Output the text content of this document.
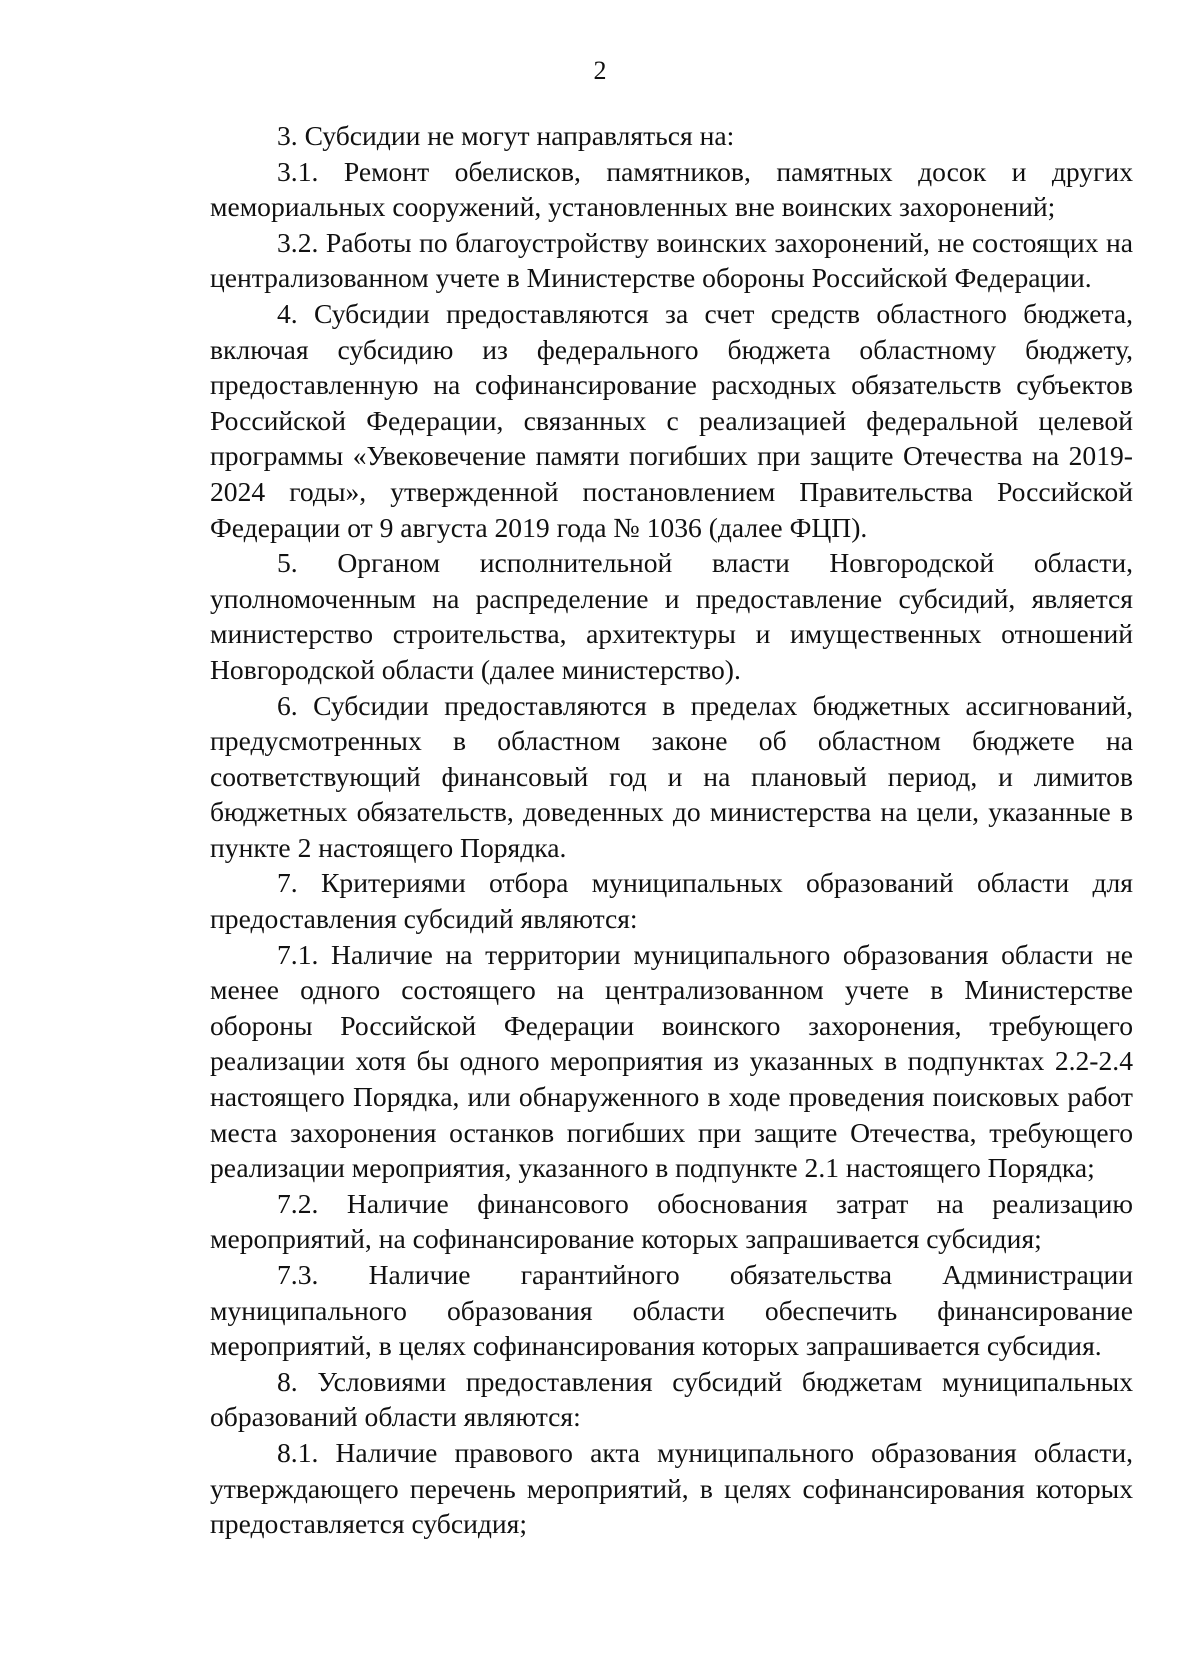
2

3. Субсидии не могут направляться на:

3.1. Ремонт обелисков, памятников, памятных досок и других мемориальных сооружений, установленных вне воинских захоронений;

3.2. Работы по благоустройству воинских захоронений, не состоящих на централизованном учете в Министерстве обороны Российской Федерации.

4. Субсидии предоставляются за счет средств областного бюджета, включая субсидию из федерального бюджета областному бюджету, предоставленную на софинансирование расходных обязательств субъектов Российской Федерации, связанных с реализацией федеральной целевой программы «Увековечение памяти погибших при защите Отечества на 2019-2024 годы», утвержденной постановлением Правительства Российской Федерации от 9 августа 2019 года № 1036 (далее ФЦП).

5. Органом исполнительной власти Новгородской области, уполномоченным на распределение и предоставление субсидий, является министерство строительства, архитектуры и имущественных отношений Новгородской области (далее министерство).

6. Субсидии предоставляются в пределах бюджетных ассигнований, предусмотренных в областном законе об областном бюджете на соответствующий финансовый год и на плановый период, и лимитов бюджетных обязательств, доведенных до министерства на цели, указанные в пункте 2 настоящего Порядка.

7. Критериями отбора муниципальных образований области для предоставления субсидий являются:

7.1. Наличие на территории муниципального образования области не менее одного состоящего на централизованном учете в Министерстве обороны Российской Федерации воинского захоронения, требующего реализации хотя бы одного мероприятия из указанных в подпунктах 2.2-2.4 настоящего Порядка, или обнаруженного в ходе проведения поисковых работ места захоронения останков погибших при защите Отечества, требующего реализации мероприятия, указанного в подпункте 2.1 настоящего Порядка;

7.2. Наличие финансового обоснования затрат на реализацию мероприятий, на софинансирование которых запрашивается субсидия;

7.3. Наличие гарантийного обязательства Администрации муниципального образования области обеспечить финансирование мероприятий, в целях софинансирования которых запрашивается субсидия.

8. Условиями предоставления субсидий бюджетам муниципальных образований области являются:

8.1. Наличие правового акта муниципального образования области, утверждающего перечень мероприятий, в целях софинансирования которых предоставляется субсидия;
